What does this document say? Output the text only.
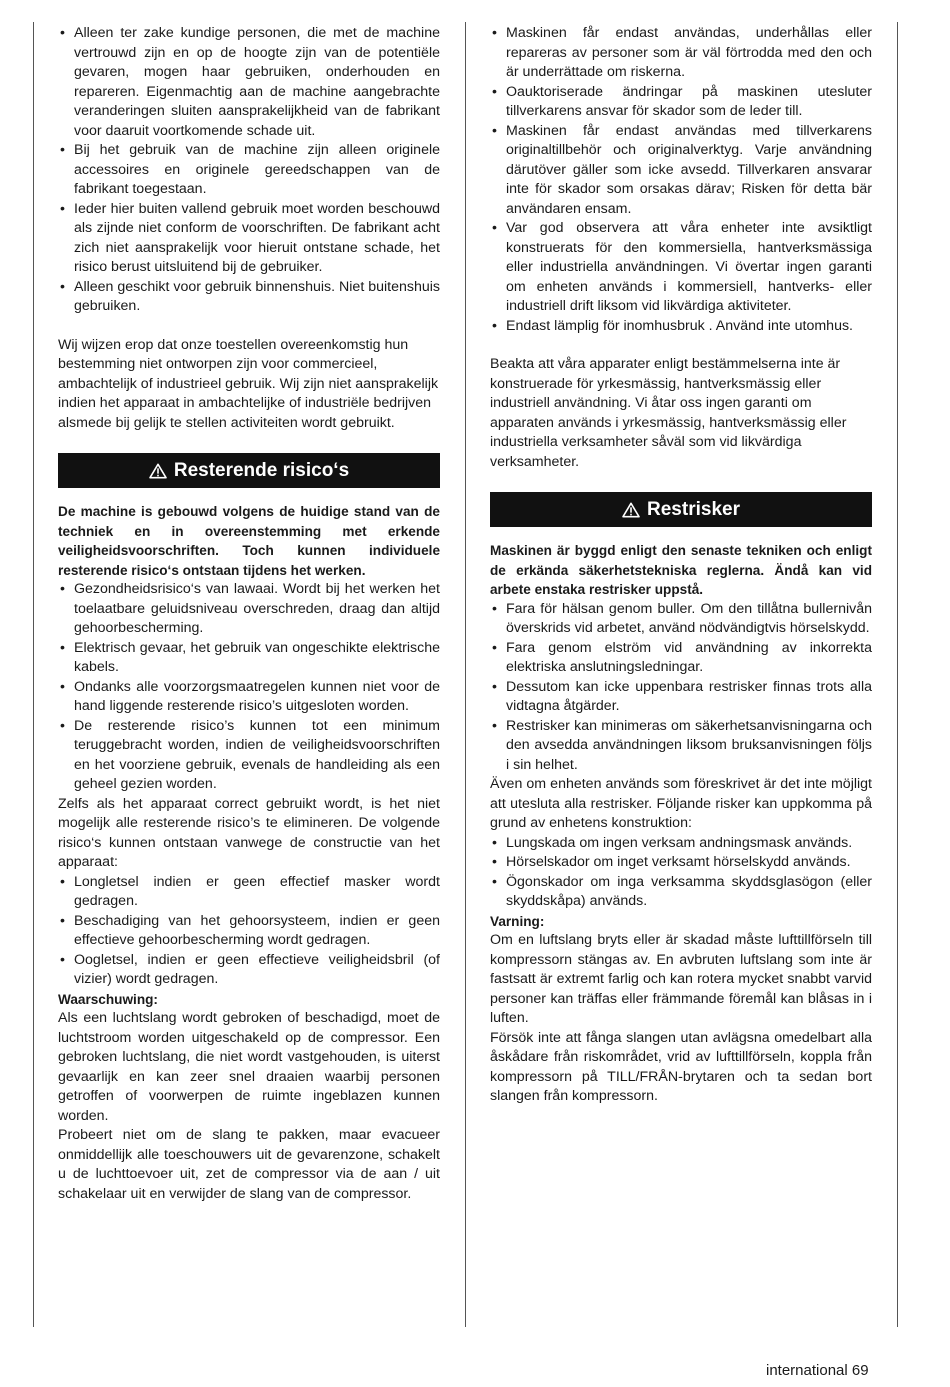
• Alleen ter zake kundige personen, die met de machine vertrouwd zijn en op de hoogte zijn van de potentiële gevaren, mogen haar gebruiken, onderhouden en repareren. Eigenmachtig aan de machine aangebrachte veranderingen sluiten aansprakelijkheid van de fabrikant voor daaruit voortkomende schade uit.
• Bij het gebruik van de machine zijn alleen originele accessoires en originele gereedschappen van de fabrikant toegestaan.
• Ieder hier buiten vallend gebruik moet worden beschouwd als zijnde niet conform de voorschriften. De fabrikant acht zich niet aansprakelijk voor hieruit ontstane schade, het risico berust uitsluitend bij de gebruiker.
• Alleen geschikt voor gebruik binnenshuis. Niet buitenshuis gebruiken.

Wij wijzen erop dat onze toestellen overeenkomstig hun bestemming niet ontworpen zijn voor commercieel, ambachtelijk of industrieel gebruik. Wij zijn niet aansprakelijk indien het apparaat in ambachtelijke of industriële bedrijven alsmede bij gelijk te stellen activiteiten wordt gebruikt.

Resterende risico‘s

De machine is gebouwd volgens de huidige stand van de techniek en in overeenstemming met erkende veiligheidsvoorschriften. Toch kunnen individuele resterende risico‘s ontstaan tijdens het werken.

• Gezondheidsrisico‘s van lawaai. Wordt bij het werken het toelaatbare geluidsniveau overschreden, draag dan altijd gehoorbescherming.
• Elektrisch gevaar, het gebruik van ongeschikte elektrische kabels.
• Ondanks alle voorzorgsmaatregelen kunnen niet voor de hand liggende resterende risico’s uitgesloten worden.
• De resterende risico’s kunnen tot een minimum teruggebracht worden, indien de veiligheidsvoorschriften en het voorziene gebruik, evenals de handleiding als een geheel gezien worden.

Zelfs als het apparaat correct gebruikt wordt, is het niet mogelijk alle resterende risico’s te elimineren. De volgende risico‘s kunnen ontstaan vanwege de constructie van het apparaat:

• Longletsel indien er geen effectief masker wordt gedragen.
• Beschadiging van het gehoorsysteem, indien er geen effectieve gehoorbescherming wordt gedragen.
• Oogletsel, indien er geen effectieve veiligheidsbril (of vizier) wordt gedragen.
Waarschuwing:

Als een luchtslang wordt gebroken of beschadigd, moet de luchtstroom worden uitgeschakeld op de compressor. Een gebroken luchtslang, die niet wordt vastgehouden, is uiterst gevaarlijk en kan zeer snel draaien waarbij personen getroffen of voorwerpen de ruimte ingeblazen kunnen worden.

Probeert niet om de slang te pakken, maar evacueer onmiddellijk alle toeschouwers uit de gevarenzone, schakelt u de luchttoevoer uit, zet de compressor via de aan / uit schakelaar uit en verwijder de slang van de compressor.

• Maskinen får endast användas, underhållas eller repareras av personer som är väl förtrodda med den och är underrättade om riskerna.
• Oauktoriserade ändringar på maskinen utesluter tillverkarens ansvar för skador som de leder till.
• Maskinen får endast användas med tillverkarens originaltillbehör och originalverktyg. Varje användning därutöver gäller som icke avsedd. Tillverkaren ansvarar inte för skador som orsakas därav; Risken för detta bär användaren ensam.
• Var god observera att våra enheter inte avsiktligt konstruerats för den kommersiella, hantverksmässiga eller industriella användningen. Vi övertar ingen garanti om enheten används i kommersiell, hantverks- eller industriell drift liksom vid likvärdiga aktiviteter.
• Endast lämplig för inomhusbruk . Använd inte utomhus.

Beakta att våra apparater enligt bestämmelserna inte är konstruerade för yrkesmässig, hantverksmässig eller industriell användning. Vi åtar oss ingen garanti om apparaten används i yrkesmässig, hantverksmässig eller industriella verksamheter såväl som vid likvärdiga verksamheter.

Restrisker

Maskinen är byggd enligt den senaste tekniken och enligt de erkända säkerhetstekniska reglerna. Ändå kan vid arbete enstaka restrisker uppstå.

• Fara för hälsan genom buller. Om den tillåtna bullernivån överskrids vid arbetet, använd nödvändigtvis hörselskydd.
• Fara genom elström vid användning av inkorrekta elektriska anslutningsledningar.
• Dessutom kan icke uppenbara restrisker finnas trots alla vidtagna åtgärder.
• Restrisker kan minimeras om säkerhetsanvisningarna och den avsedda användningen liksom bruksanvisningen följs i sin helhet.

Även om enheten används som föreskrivet är det inte möjligt att utesluta alla restrisker. Följande risker kan uppkomma på grund av enhetens konstruktion:

• Lungskada om ingen verksam andningsmask används.
• Hörselskador om inget verksamt hörselskydd används.
• Ögonskador om inga verksamma skyddsglasögon (eller skyddskåpa) används.
Varning:

Om en luftslang bryts eller är skadad måste lufttillförseln till kompressorn stängas av. En avbruten luftslang som inte är fastsatt är extremt farlig och kan rotera mycket snabbt varvid personer kan träffas eller främmande föremål kan blåsas in i luften.

Försök inte att fånga slangen utan avlägsna omedelbart alla åskådare från riskområdet, vrid av lufttillförseln, koppla från kompressorn på TILL/FRÅN-brytaren och ta sedan bort slangen från kompressorn.

international 69
